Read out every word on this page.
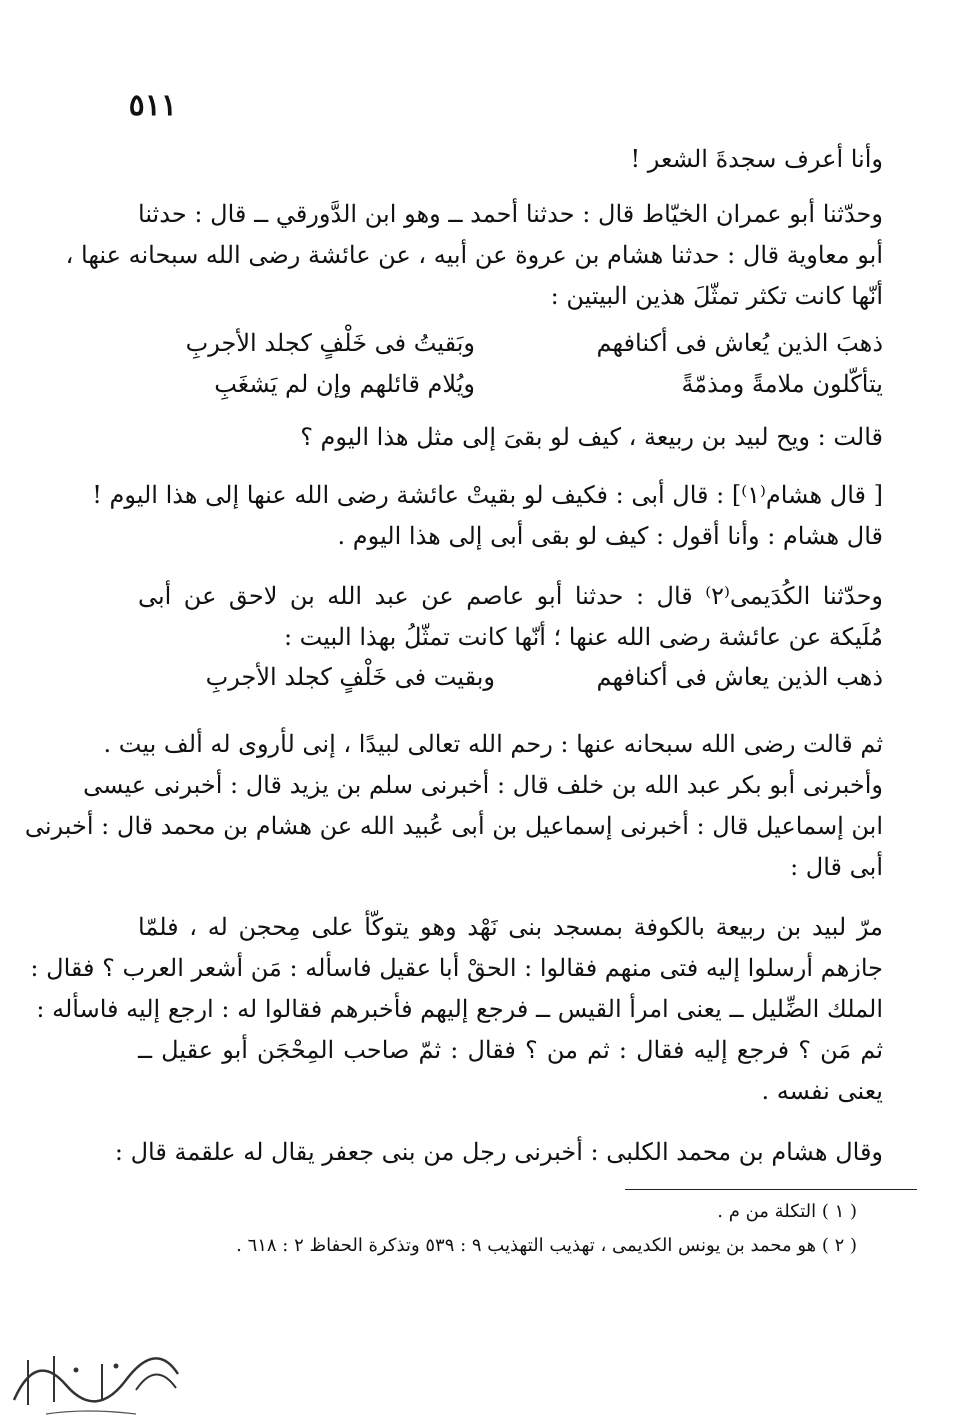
٥١١
وأنا أعرف سجدةَ الشعر !
وحدّثنا أبو عمران الخيّاط قال : حدثنا أحمد ــ وهو ابن الدَّورقي ــ قال : حدثنا
أبو معاوية قال : حدثنا هشام بن عروة عن أبيه ، عن عائشة رضى الله سبحانه عنها ،
أنّها كانت تكثر تمثّلَ هذين البيتين :
ذهبَ الذين يُعاش فى أكنافهم
وبَقيتُ فى خَلْفٍ كجلد الأجربِ
يتأكّلون ملامةً ومذمّةً
ويُلام قائلهم وإن لم يَشغَبِ
قالت : ويح لبيد بن ربيعة ، كيف لو بقىَ إلى مثل هذا اليوم ؟
[ قال هشام⁽١⁾] : قال أبى : فكيف لو بقيتْ عائشة رضى الله عنها إلى هذا اليوم !
قال هشام : وأنا أقول : كيف لو بقى أبى إلى هذا اليوم .
وحدّثنا الكُدَيمى⁽٢⁾ قال : حدثنا أبو عاصم عن عبد الله بن لاحق عن أبى
مُلَيكة عن عائشة رضى الله عنها ؛ أنّها كانت تمثّلُ بهذا البيت :
ذهب الذين يعاش فى أكنافهم
وبقيت فى خَلْفٍ كجلد الأجربِ
ثم قالت رضى الله سبحانه عنها : رحم الله تعالى لبيدًا ، إنى لأروى له ألف بيت .
وأخبرنى أبو بكر عبد الله بن خلف قال : أخبرنى سلم بن يزيد قال : أخبرنى عيسى
ابن إسماعيل قال : أخبرنى إسماعيل بن أبى عُبيد الله عن هشام بن محمد قال : أخبرنى
أبى قال :
مرّ لبيد بن ربيعة بالكوفة بمسجد بنى نَهْد وهو يتوكّأ على مِحجن له ، فلمّا
جازهم أرسلوا إليه فتى منهم فقالوا : الحقْ أبا عقيل فاسأله : مَن أشعر العرب ؟ فقال :
الملك الضِّليل ــ يعنى امرأ القيس ــ فرجع إليهم فأخبرهم فقالوا له : ارجع إليه فاسأله :
ثم مَن ؟ فرجع إليه فقال : ثم من ؟ فقال : ثمّ صاحب المِحْجَن أبو عقيل ــ
يعنى نفسه .
وقال هشام بن محمد الكلبى : أخبرنى رجل من بنى جعفر يقال له علقمة قال :
( ١ ) التكلة من م .
( ٢ ) هو محمد بن يونس الكديمى ، تهذيب التهذيب ٩ : ٥٣٩ وتذكرة الحفاظ ٢ : ٦١٨ .
